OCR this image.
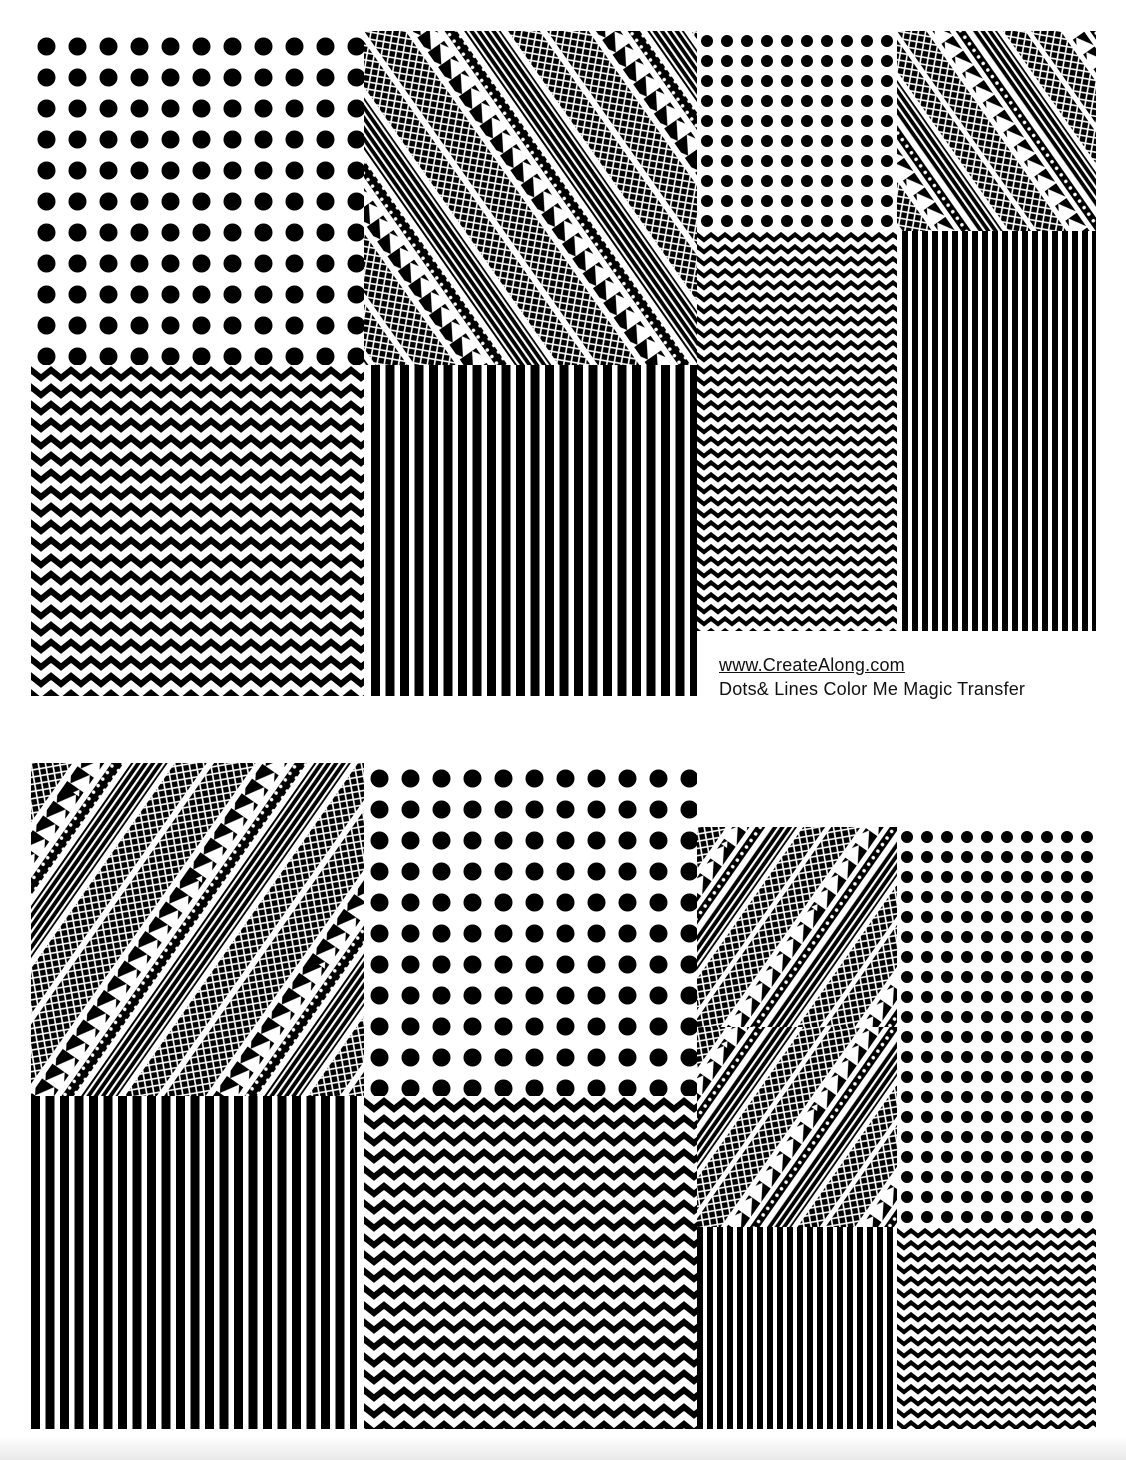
www.CreateAlong.com
Dots& Lines Color Me Magic Transfer
